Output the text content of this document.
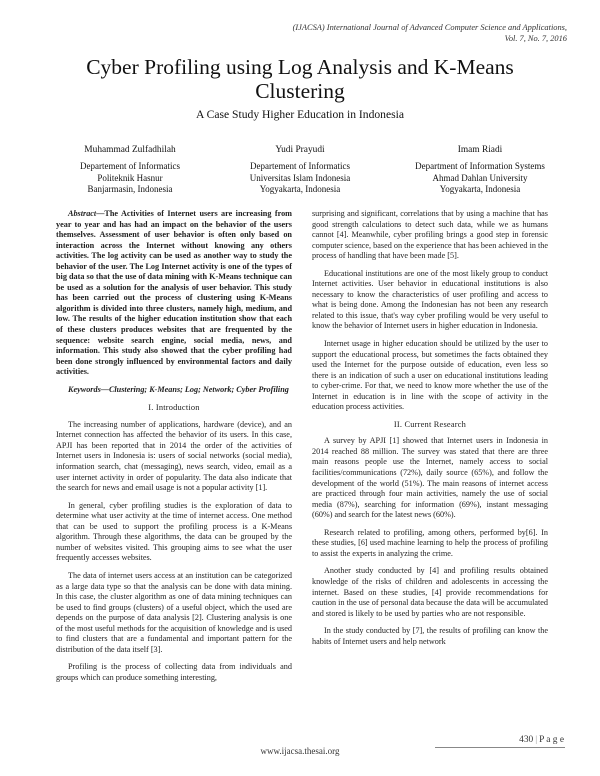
(IJACSA) International Journal of Advanced Computer Science and Applications,
Vol. 7, No. 7, 2016
Cyber Profiling using Log Analysis and K-Means Clustering
A Case Study Higher Education in Indonesia
Muhammad Zulfadhilah
Departement of Informatics
Politeknik Hasnur
Banjarmasin, Indonesia
Yudi Prayudi
Departement of Informatics
Universitas Islam Indonesia
Yogyakarta, Indonesia
Imam Riadi
Department of Information Systems
Ahmad Dahlan University
Yogyakarta, Indonesia

Abstract—The Activities of Internet users are increasing from year to year and has had an impact on the behavior of the users themselves. Assessment of user behavior is often only based on interaction across the Internet without knowing any others activities. The log activity can be used as another way to study the behavior of the user. The Log Internet activity is one of the types of big data so that the use of data mining with K-Means technique can be used as a solution for the analysis of user behavior. This study has been carried out the process of clustering using K-Means algorithm is divided into three clusters, namely high, medium, and low. The results of the higher education institution show that each of these clusters produces websites that are frequented by the sequence: website search engine, social media, news, and information. This study also showed that the cyber profiling had been done strongly influenced by environmental factors and daily activities.

Keywords—Clustering; K-Means; Log; Network; Cyber Profiling

I. Introduction

The increasing number of applications, hardware (device), and an Internet connection has affected the behavior of its users. In this case, APJI has been reported that in 2014 the order of the activities of Internet users in Indonesia is: users of social networks (social media), information search, chat (messaging), news search, video, email as a user internet activity in order of popularity. The data also indicate that the search for news and email usage is not a popular activity [1].

In general, cyber profiling studies is the exploration of data to determine what user activity at the time of internet access. One method that can be used to support the profiling process is a K-Means algorithm. Through these algorithms, the data can be grouped by the number of websites visited. This grouping aims to see what the user frequently accesses websites.

The data of internet users access at an institution can be categorized as a large data type so that the analysis can be done with data mining. In this case, the cluster algorithm as one of data mining techniques can be used to find groups (clusters) of a useful object, which the used are depends on the purpose of data analysis [2]. Clustering analysis is one of the most useful methods for the acquisition of knowledge and is used to find clusters that are a fundamental and important pattern for the distribution of the data itself [3].

Profiling is the process of collecting data from individuals and groups which can produce something interesting,

surprising and significant, correlations that by using a machine that has good strength calculations to detect such data, while we as humans cannot [4]. Meanwhile, cyber profiling brings a good step in forensic computer science, based on the experience that has been achieved in the process of handling that have been made [5].

Educational institutions are one of the most likely group to conduct Internet activities. User behavior in educational institutions is also necessary to know the characteristics of user profiling and access to what is being done. Among the Indonesian has not been any research related to this issue, that's way cyber profiling would be very useful to know the behavior of Internet users in higher education in Indonesia.

Internet usage in higher education should be utilized by the user to support the educational process, but sometimes the facts obtained they used the Internet for the purpose outside of education, even less so there is an indication of such a user on educational institutions leading to cyber-crime. For that, we need to know more whether the use of the Internet in education is in line with the scope of activity in the education process activities.

II. Current Research

A survey by APJI [1] showed that Internet users in Indonesia in 2014 reached 88 million. The survey was stated that there are three main reasons people use the Internet, namely access to social facilities/communications (72%), daily source (65%), and follow the development of the world (51%). The main reasons of internet access are practiced through four main activities, namely the use of social media (87%), searching for information (69%), instant messaging (60%) and search for the latest news (60%).

Research related to profiling, among others, performed by[6]. In these studies, [6] used machine learning to help the process of profiling to assist the experts in analyzing the crime.

Another study conducted by [4] and profiling results obtained knowledge of the risks of children and adolescents in accessing the internet. Based on these studies, [4] provide recommendations for caution in the use of personal data because the data will be accumulated and stored is likely to be used by parties who are not responsible.

In the study conducted by [7], the results of profiling can know the habits of Internet users and help network

430 | P a g e
www.ijacsa.thesai.org
